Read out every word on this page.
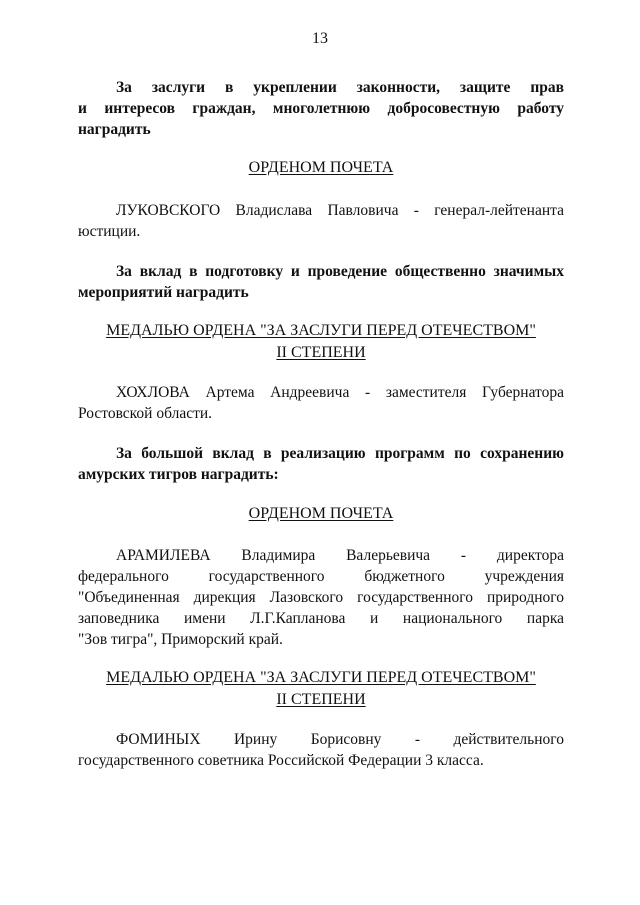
13
За заслуги в укреплении законности, защите прав
и интересов граждан, многолетнюю добросовестную работу
наградить
ОРДЕНОМ ПОЧЕТА
ЛУКОВСКОГО Владислава Павловича - генерал-лейтенанта
юстиции.
За вклад в подготовку и проведение общественно значимых
мероприятий наградить
МЕДАЛЬЮ ОРДЕНА "ЗА ЗАСЛУГИ ПЕРЕД ОТЕЧЕСТВОМ"
II СТЕПЕНИ
ХОХЛОВА Артема Андреевича - заместителя Губернатора
Ростовской области.
За большой вклад в реализацию программ по сохранению
амурских тигров наградить:
ОРДЕНОМ ПОЧЕТА
АРАМИЛЕВА Владимира Валерьевича - директора
федерального государственного бюджетного учреждения
"Объединенная дирекция Лазовского государственного природного
заповедника имени Л.Г.Капланова и национального парка
"Зов тигра", Приморский край.
МЕДАЛЬЮ ОРДЕНА "ЗА ЗАСЛУГИ ПЕРЕД ОТЕЧЕСТВОМ"
II СТЕПЕНИ
ФОМИНЫХ Ирину Борисовну - действительного
государственного советника Российской Федерации 3 класса.
